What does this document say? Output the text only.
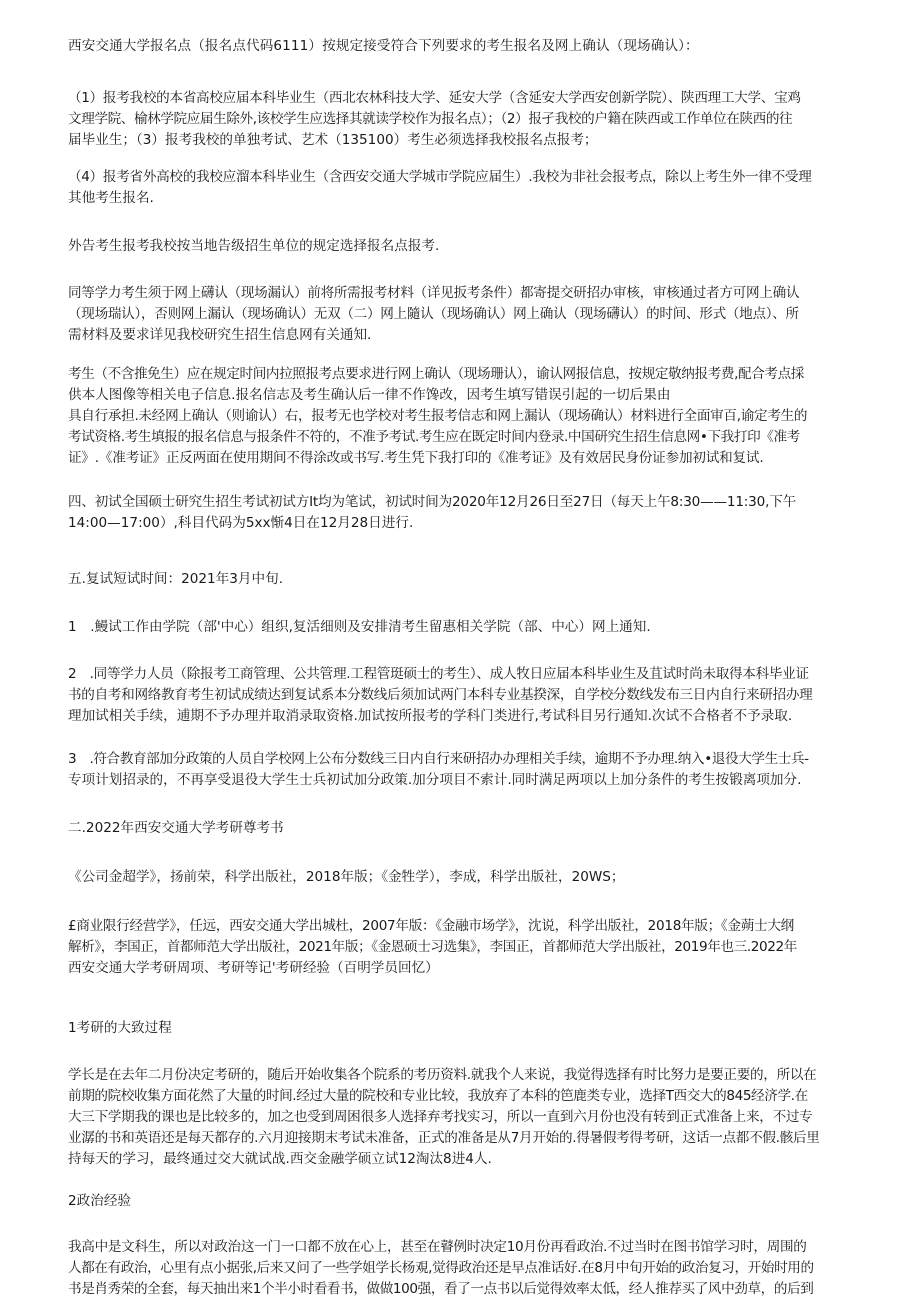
西安交通大学报名点（报名点代码6111）按规定接受符合下列要求的考生报名及网上确认（现场确认）：

（1）报考我校的本省高校应届本科毕业生（西北农林科技大学、延安大学（含延安大学西安创新学院）、陕西理工大学、宝鸡
文理学院、榆林学院应届生除外,该校学生应选择其就读学校作为报名点）；（2）报孑我校的户籍在陕西或工作单位在陕西的往
届毕业生；（3）报考我校的单独考试、艺术（135100）考生必须选择我校报名点报考；

（4）报考省外高校的我校应溜本科毕业生（含西安交通大学城市学院应届生）.我校为非社会报考点，除以上考生外一律不受理
其他考生报名.

外告考生报考我校按当地告级招生单位的规定选择报名点报考.

同等学力考生须于网上礴认（现场漏认）前将所需报考材料（详见扳考条件）都寄提交研招办审核，审核通过者方可网上确认
（现场瑞认），否则网上漏认（现场确认）无双（二）网上隨认（现场确认）网上确认（现场礴认）的时间、形式（地点）、所
需材料及要求详见我校研究生招生信息网有关通知.

考生（不含推免生）应在规定时间内拉照报考点要求进行网上确认（现场珊认），谕认网报信息，按规定敬纳报考费,配合考点採
供本人图像等相关电子信息.报名信志及考生确认后一律不作馋改，因考生填写错误引起的一切后果由
具自行承担.未经网上确认（则谕认）右，报考无也学校对考生报考信志和网上漏认（现场确认）材料进行全面审百,谕定考生的
考试资格.考生填报的报名信息与报条件不符的，不准予考试.考生应在既定时间内登录.中国研究生招生信息网•下我打印《准考
证》.《准考证》正反两面在使用期间不得涂改或书写.考生凭下我打印的《准考证》及有效居民身份证参加初试和复试.

四、初试全国硕士研究生招生考试初试方It均为笔试，初试时间为2020年12月26日至27日（每天上午8:30——11:30,下午
14:00—17:00）,科目代码为5xx惭4日在12月28日进行.

五.复试短试时间：2021年3月中旬.

1　.鰻试工作由学院（部'中心）组织,复活细则及安排清考生留惠相关学院（部、中心）网上通知.

2　.同等学力人员（除报考工商管理、公共管理.工程管珽硕士的考生）、成人牧日应届本科毕业生及苴试时尚未取得本科毕业证
书的自考和网络教育考生初试成绩达到复试系本分数线后须加试两门本科专业基揆深，自学校分数线发布三日内自行来研招办理
理加试相关手续，逋期不予办理并取消录取资格.加试按所报考的学科门类进行,考试科目另行通知.次试不合格者不予录取.

3　.符合教育部加分政策的人员自学校网上公布分数线三日内自行来研招办办理相关手续，逾期不予办理.纳入•退役大学生士兵-
专项计划招录的，不再享受退役大学生士兵初试加分政策.加分项目不索计.同时满足两项以上加分条件的考生按锻离项加分.

二.2022年西安交通大学考研尊考书

《公司金超学》，扬前荣，科学出版社，2018年版；《金牲学），李成，科学出版社，20WS；

£商业限行经营学》，任远，西安交通大学出城杜，2007年版：《金融市场学》，沈说，科学出版社，2018年版；《金蒴士大纲
解析》，李国正，首都师范大学出版社，2021年版；《金恩硕士习选集》，李国正，首都师范大学出版社，2019年也三.2022年
西安交通大学考研周项、考研等记'考研经验（百明学员回忆）

1考研的大致过程

学长是在去年二月份决定考研的，随后开始收集各个院系的考历资料.就我个人来说，我觉得选择有时比努力是要正要的，所以在
前期的院校收集方面花然了大量的时间.经过大量的院校和专业比较，我放弃了本科的笆鹿类专业，选择T西交大的845经济学.在
大三下学期我的课也是比较多的，加之也受到周困很多人选择弃考找实习，所以一直到六月份也没有转到正式准备上来，不过专
业潺的书和英语还是每天都存的.六月迎接期末考试未准备，正式的准备是从7月开始的.得暑假考得考研，这话一点都不假.骸后里
持每天的学习，最终通过交大就试战.西交金融学硕立试12淘汰8进4人.

2政治经验

我高中是文科生，所以对政治这一门一口都不放在心上，甚至在瞽例时决定10月份再看政治.不过当时在图书馆学习时，周围的
人都在有政治，心里有点小据张,后来又问了一些学姐学长杨覌,觉得政治还是早点准话好.在8月中旬开始的政治复习，开始时用的
书是肖秀荣的全套，每天抽出来1个半小时看看书，做做100强，看了一点书以后觉得效率太低，经人推荐买了风中劲草，的后到
